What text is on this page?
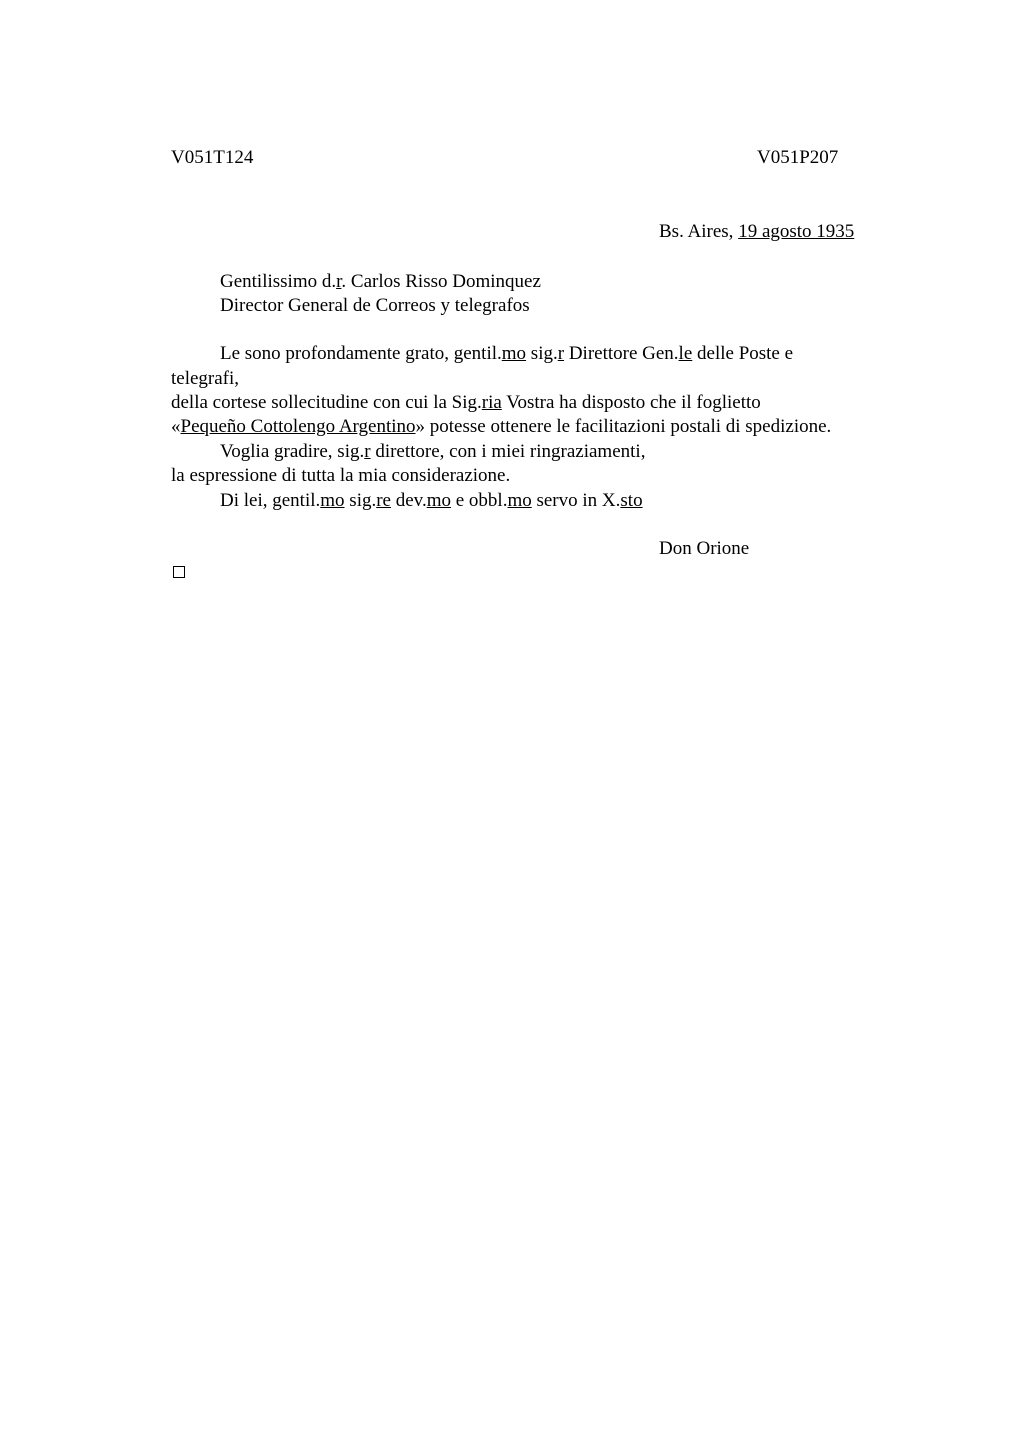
V051T124	V051P207
Bs. Aires, 19 agosto 1935
Gentilissimo d.r. Carlos Risso Dominquez
Director General de Correos y telegrafos
Le sono profondamente grato, gentil.mo sig.r Direttore Gen.le delle Poste e
telegrafi,
della cortese sollecitudine con cui la Sig.ria Vostra ha disposto che il foglietto
«Pequeño Cottolengo Argentino» potesse ottenere le facilitazioni postali di spedizione.
Voglia gradire, sig.r direttore, con i miei ringraziamenti,
la espressione di tutta la mia considerazione.
Di lei, gentil.mo sig.re dev.mo e obbl.mo servo in X.sto
Don Orione
